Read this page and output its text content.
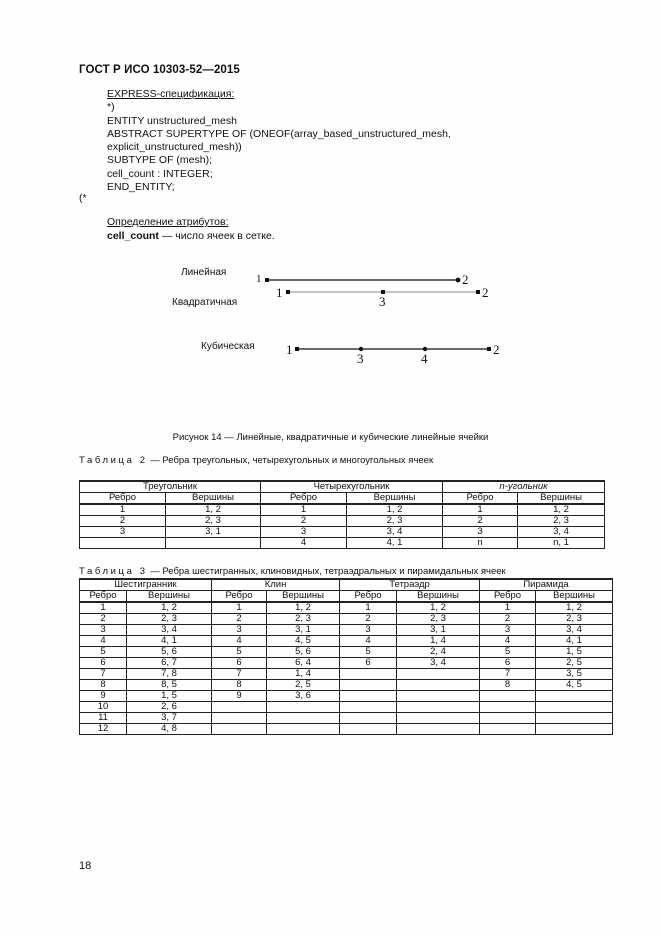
ГОСТ Р ИСО 10303-52—2015
EXPRESS-спецификация:
*)
ENTITY unstructured_mesh
ABSTRACT SUPERTYPE OF (ONEOF(array_based_unstructured_mesh,
explicit_unstructured_mesh))
SUBTYPE OF (mesh);
cell_count : INTEGER;
END_ENTITY;
(*
Определение атрибутов:
cell_count — число ячеек в сетке.
Линейная
Квадратичная
Кубическая
1	2
1
3
2
1
3	4
2
Рисунок 14 — Линейные, квадратичные и кубические линейные ячейки
Таблица 2 — Ребра треугольных, четырехугольных и многоугольных ячеек
Треугольник		Четырехугольник		n-угольник	
Ребро	Вершины	Ребро	Вершины	Ребро	Вершины
1	1, 2	1	1, 2	1	1, 2
2	2, 3	2	2, 3	2	2, 3
3	3, 1	3	3, 4	3	3, 4
		4	4, 1	n	n, 1
Таблица 3 — Ребра шестигранных, клиновидных, тетраэдральных и пирамидальных ячеек
Шестигранник		Клин		Тетраэдр		Пирамида	
Ребро	Вершины	Ребро	Вершины	Ребро	Вершины	Ребро	Вершины
1	1, 2	1	1, 2	1	1, 2	1	1, 2
2	2, 3	2	2, 3	2	2, 3	2	2, 3
3	3, 4	3	3, 1	3	3, 1	3	3, 4
4	4, 1	4	4, 5	4	1, 4	4	4, 1
5	5, 6	5	5, 6	5	2, 4	5	1, 5
6	6, 7	6	6, 4	6	3, 4	6	2, 5
7	7, 8	7	1, 4			7	3, 5
8	8, 5	8	2, 5			8	4, 5
9	1, 5	9	3, 6				
10	2, 6						
11	3, 7						
12	4, 8						
18
